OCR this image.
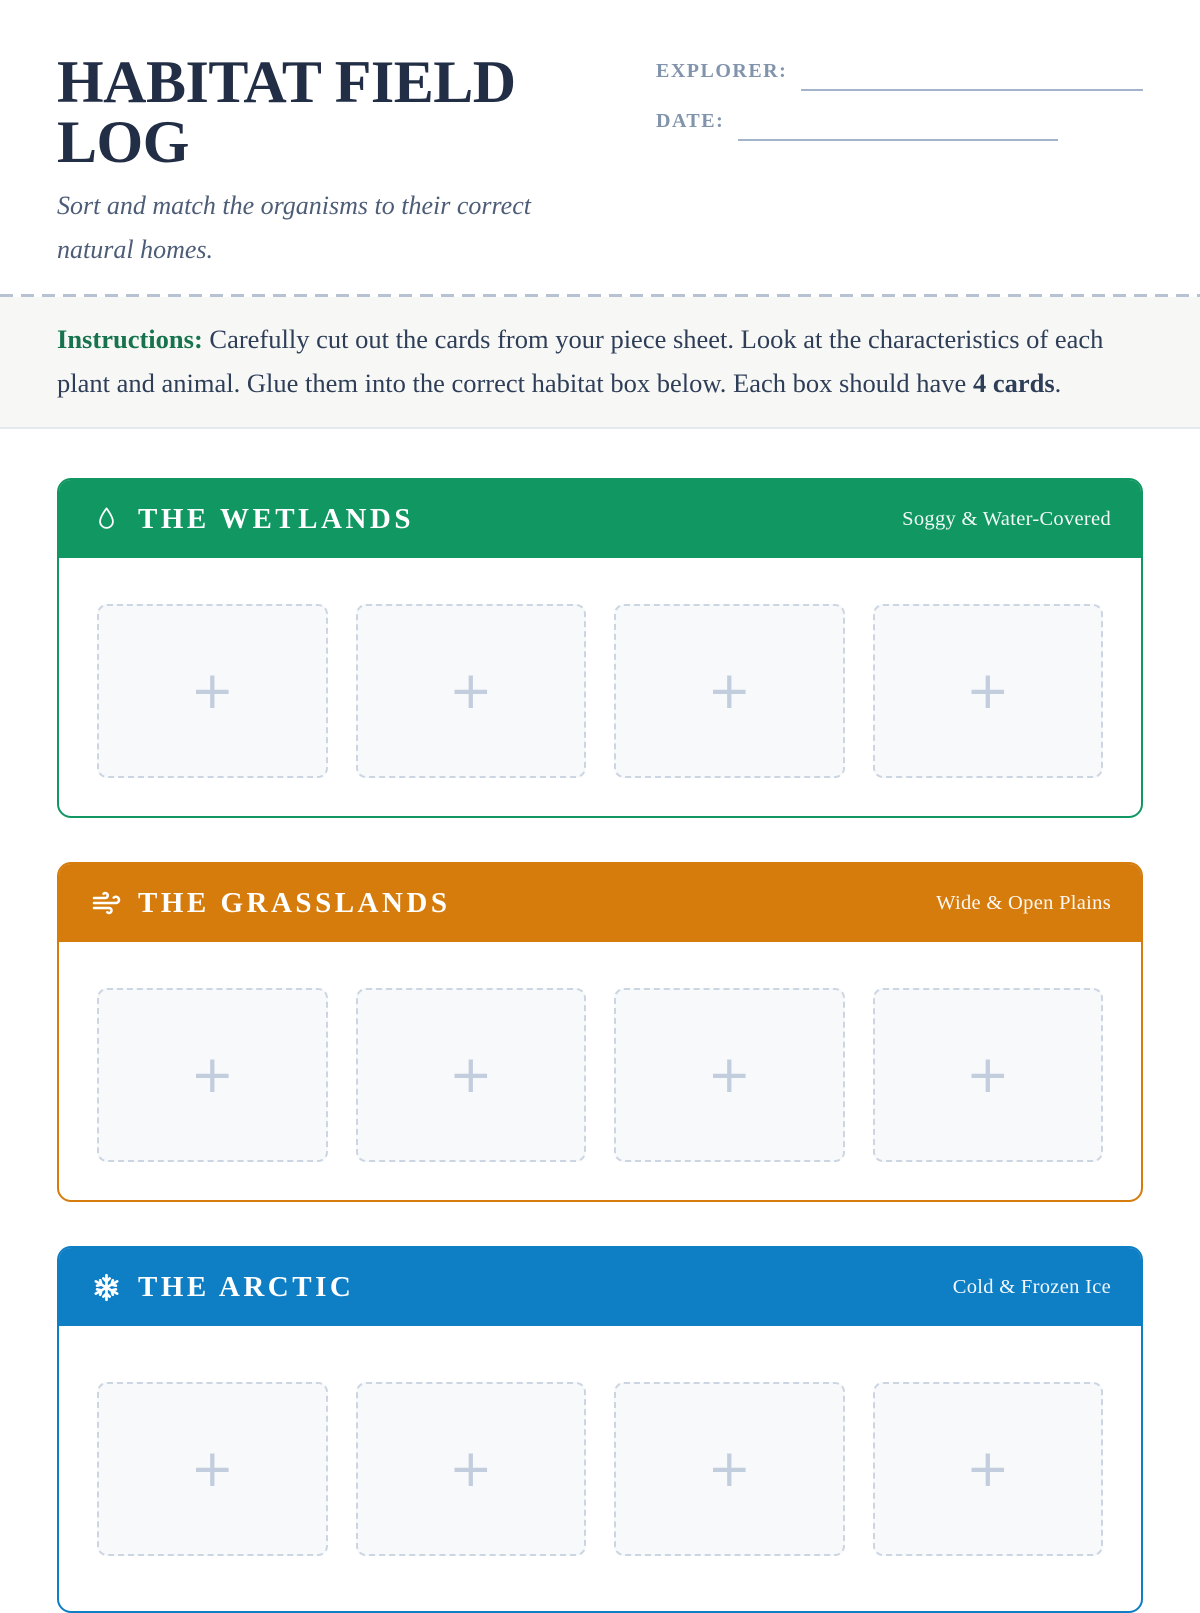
HABITAT FIELD LOG

Sort and match the organisms to their correct natural homes.

EXPLORER:
DATE:
Instructions: Carefully cut out the cards from your piece sheet. Look at the characteristics of each plant and animal. Glue them into the correct habitat box below. Each box should have 4 cards.
THE WETLANDS	Soggy & Water-Covered
+	+	+	+
THE GRASSLANDS	Wide & Open Plains
+	+	+	+
THE ARCTIC	Cold & Frozen Ice
+	+	+	+
